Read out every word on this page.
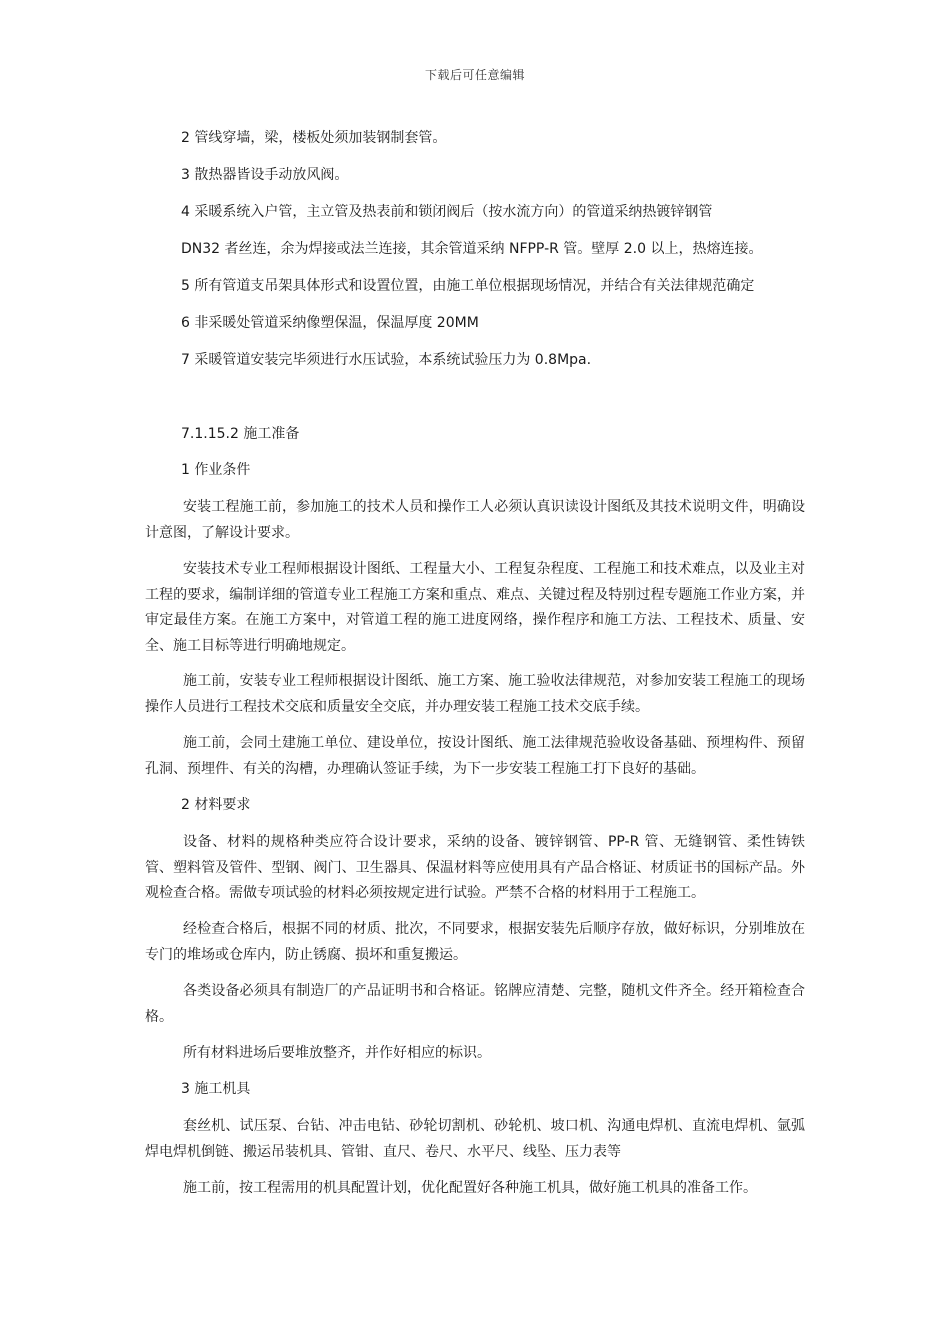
下载后可任意编辑
2 管线穿墙，梁，楼板处须加装钢制套管。
3 散热器皆设手动放风阀。
4 采暖系统入户管，主立管及热表前和锁闭阀后（按水流方向）的管道采纳热镀锌钢管
DN32 者丝连，余为焊接或法兰连接，其余管道采纳 NFPP-R 管。壁厚 2.0 以上，热熔连接。
5 所有管道支吊架具体形式和设置位置，由施工单位根据现场情况，并结合有关法律规范确定
6 非采暖处管道采纳像塑保温，保温厚度 20MM
7 采暖管道安装完毕须进行水压试验，本系统试验压力为 0.8Mpa.
7.1.15.2 施工准备
1 作业条件
安装工程施工前，参加施工的技术人员和操作工人必须认真识读设计图纸及其技术说明文件，明确设计意图，了解设计要求。
安装技术专业工程师根据设计图纸、工程量大小、工程复杂程度、工程施工和技术难点，以及业主对工程的要求，编制详细的管道专业工程施工方案和重点、难点、关键过程及特别过程专题施工作业方案，并审定最佳方案。在施工方案中，对管道工程的施工进度网络，操作程序和施工方法、工程技术、质量、安全、施工目标等进行明确地规定。
施工前，安装专业工程师根据设计图纸、施工方案、施工验收法律规范，对参加安装工程施工的现场操作人员进行工程技术交底和质量安全交底，并办理安装工程施工技术交底手续。
施工前，会同土建施工单位、建设单位，按设计图纸、施工法律规范验收设备基础、预埋构件、预留孔洞、预埋件、有关的沟槽，办理确认签证手续，为下一步安装工程施工打下良好的基础。
2 材料要求
设备、材料的规格种类应符合设计要求，采纳的设备、镀锌钢管、PP-R 管、无缝钢管、柔性铸铁管、塑料管及管件、型钢、阀门、卫生器具、保温材料等应使用具有产品合格证、材质证书的国标产品。外观检查合格。需做专项试验的材料必须按规定进行试验。严禁不合格的材料用于工程施工。
经检查合格后，根据不同的材质、批次，不同要求，根据安装先后顺序存放，做好标识，分别堆放在专门的堆场或仓库内，防止锈腐、损坏和重复搬运。
各类设备必须具有制造厂的产品证明书和合格证。铭牌应清楚、完整，随机文件齐全。经开箱检查合格。
所有材料进场后要堆放整齐，并作好相应的标识。
3 施工机具
套丝机、试压泵、台钻、冲击电钻、砂轮切割机、砂轮机、坡口机、沟通电焊机、直流电焊机、氩弧焊电焊机倒链、搬运吊装机具、管钳、直尺、卷尺、水平尺、线坠、压力表等
施工前，按工程需用的机具配置计划，优化配置好各种施工机具，做好施工机具的准备工作。
